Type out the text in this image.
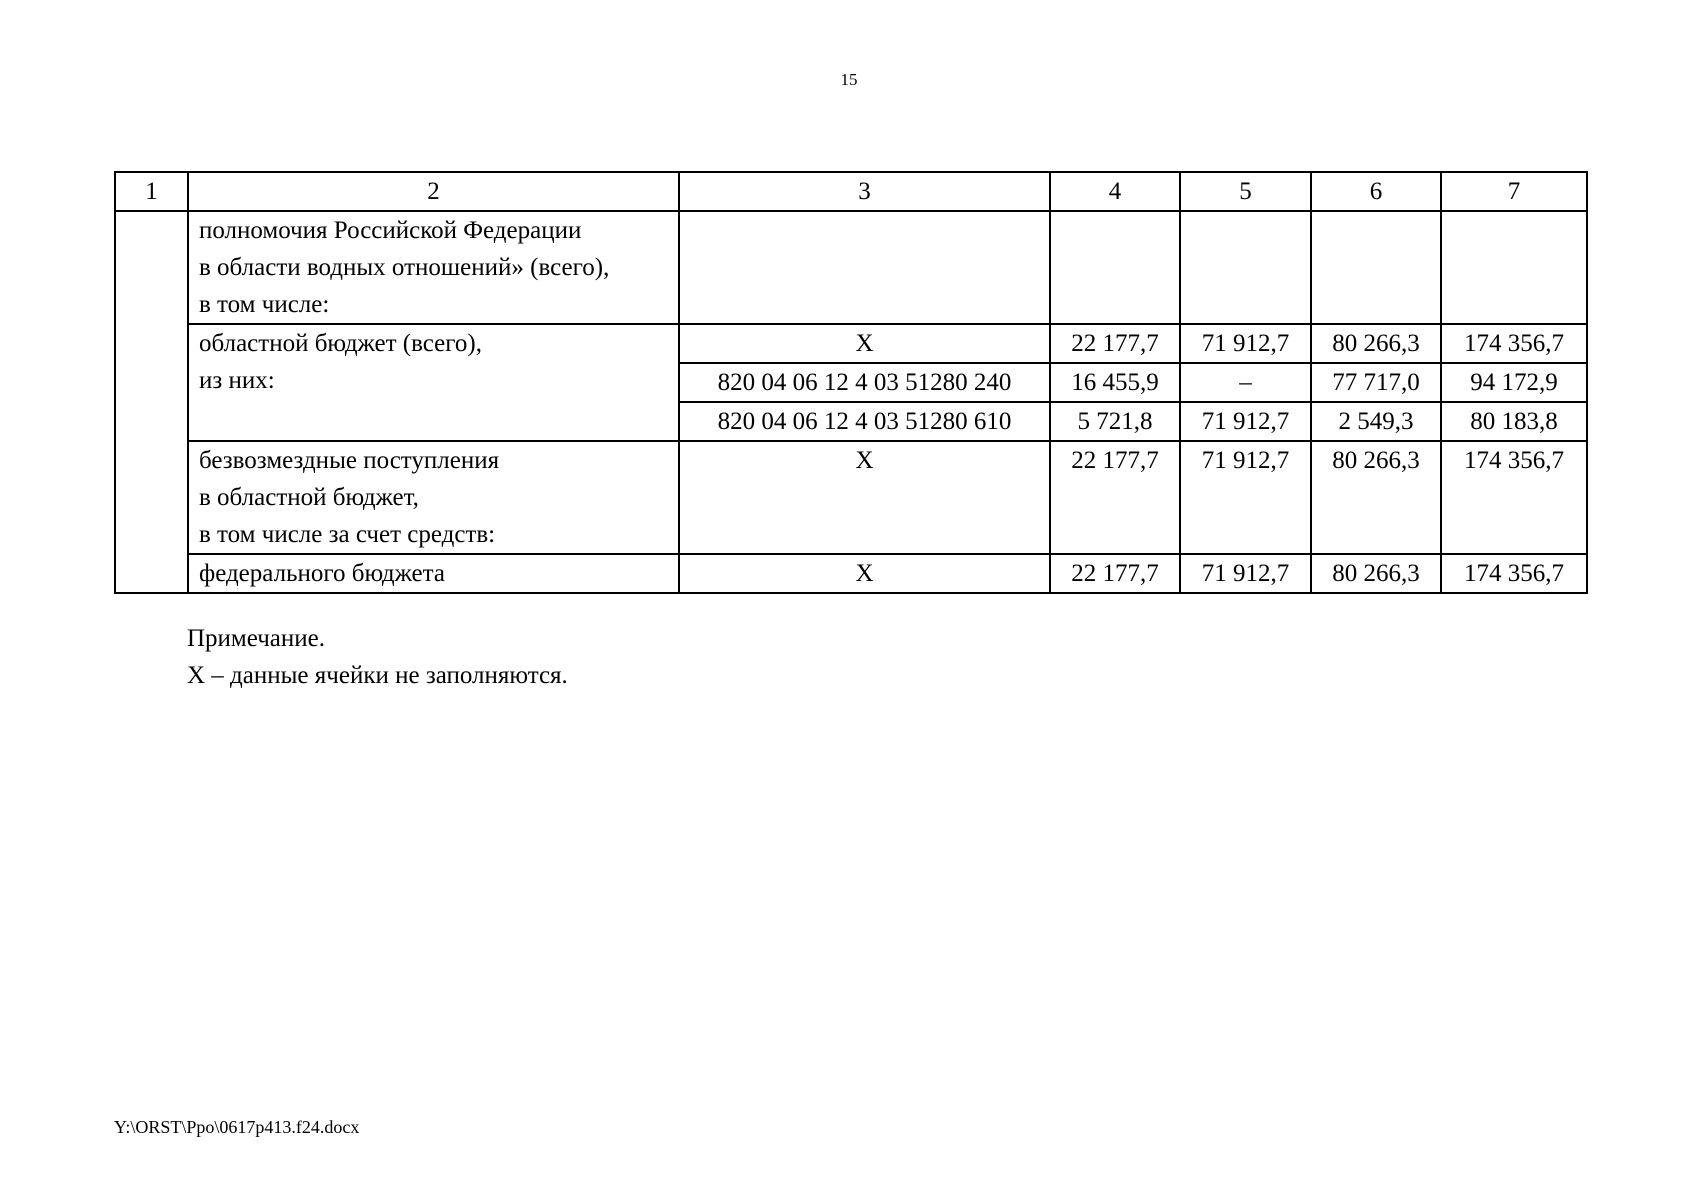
15
1	2	3	4	5	6	7

	полномочия Российской Федерации
в области водных отношений» (всего),
в том числе:					

	областной бюджет (всего),
из них:	Х	22 177,7	71 912,7	80 266,3	174 356,7
		820 04 06 12 4 03 51280 240	16 455,9	–	77 717,0	94 172,9
		820 04 06 12 4 03 51280 610	5 721,8	71 912,7	2 549,3	80 183,8

	безвозмездные поступления
в областной бюджет,
в том числе за счет средств:	Х	22 177,7	71 912,7	80 266,3	174 356,7

	федерального бюджета	Х	22 177,7	71 912,7	80 266,3	174 356,7
Примечание.
Х – данные ячейки не заполняются.
Y:\ORST\Ppo\0617p413.f24.docx
